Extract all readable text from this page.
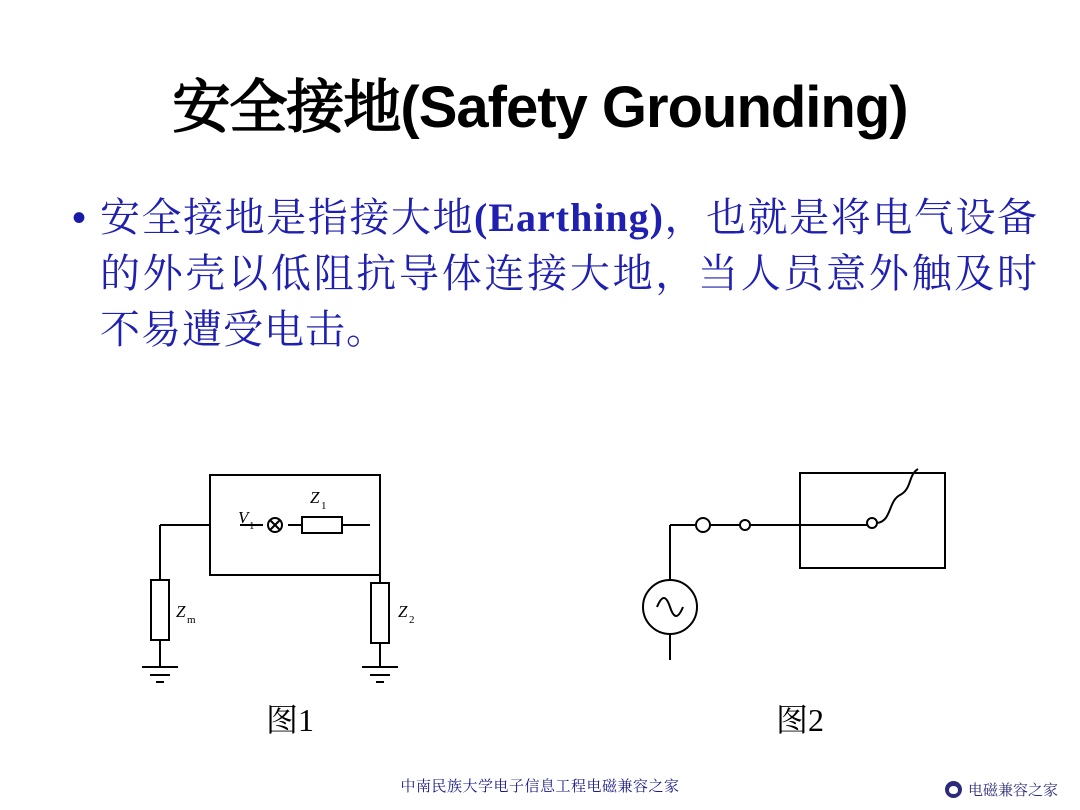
安全接地(Safety Grounding)
• 安全接地是指接大地(Earthing)，也就是将电气设备的外壳以低阻抗导体连接大地，当人员意外触及时不易遭受电击。
V 1
Z 1
Z m	Z 2
图1	图2
中南民族大学电子信息工程电磁兼容之家	电磁兼容之家
